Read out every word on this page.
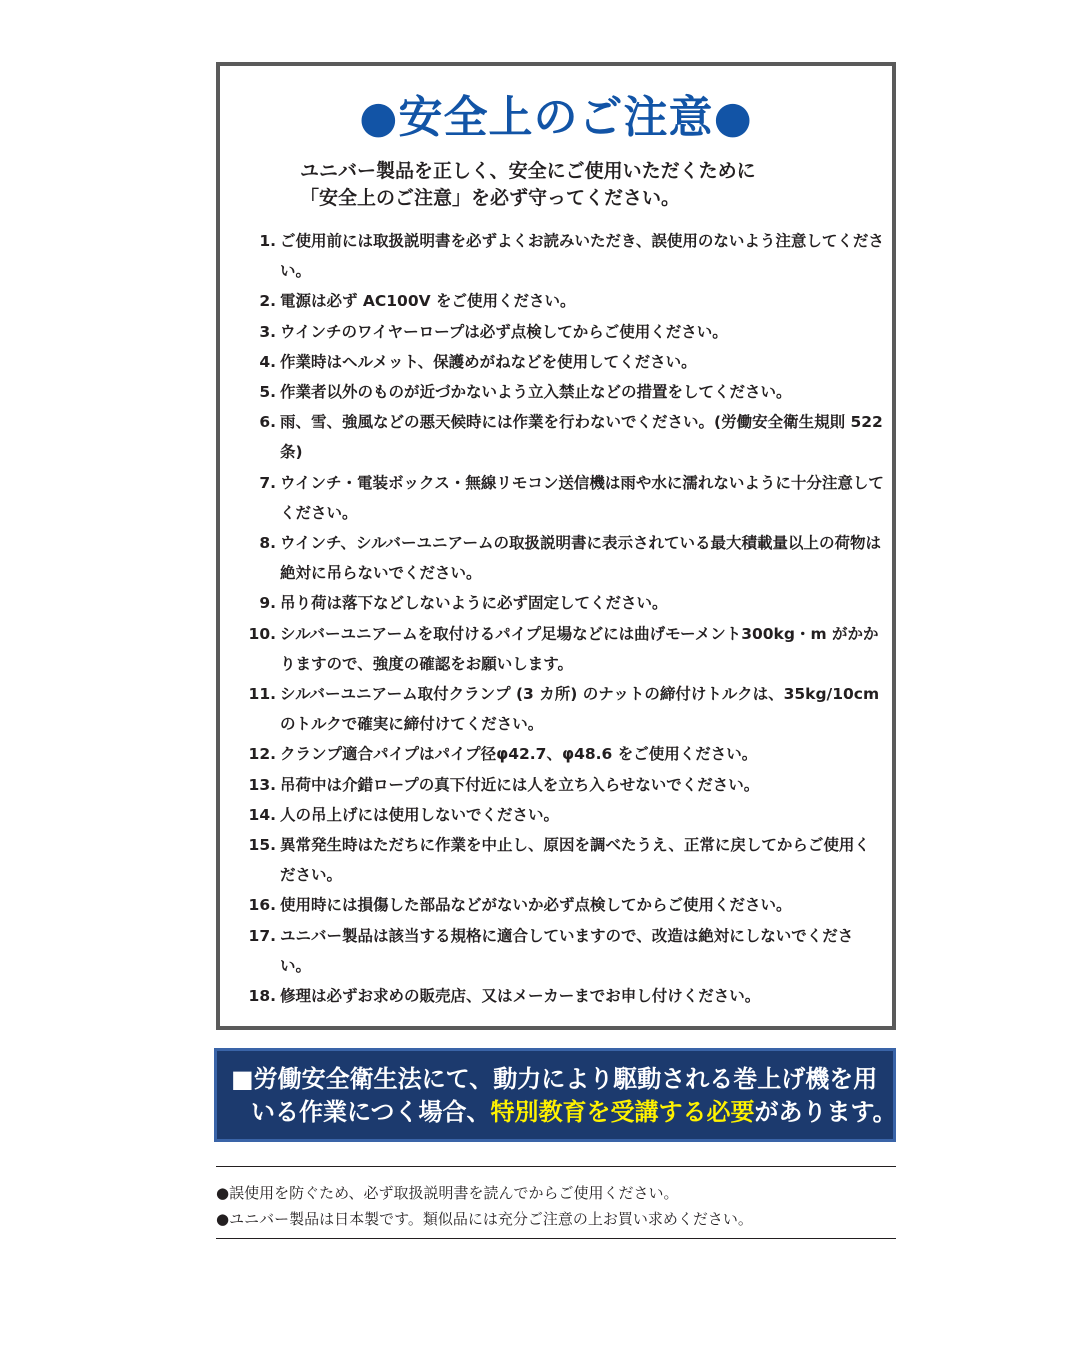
●安全上のご注意●
ユニバー製品を正しく、安全にご使用いただくために
「安全上のご注意」を必ず守ってください。
1. ご使用前には取扱説明書を必ずよくお読みいただき、誤使用のないよう注意してください。
2. 電源は必ず AC100V をご使用ください。
3. ウインチのワイヤーロープは必ず点検してからご使用ください。
4. 作業時はヘルメット、保護めがねなどを使用してください。
5. 作業者以外のものが近づかないよう立入禁止などの措置をしてください。
6. 雨、雪、強風などの悪天候時には作業を行わないでください。(労働安全衛生規則 522 条)
7. ウインチ・電装ボックス・無線リモコン送信機は雨や水に濡れないように十分注意してください。
8. ウインチ、シルバーユニアームの取扱説明書に表示されている最大積載量以上の荷物は絶対に吊らないでください。
9. 吊り荷は落下などしないように必ず固定してください。
10. シルバーユニアームを取付けるパイプ足場などには曲げモーメント300kg・m がかかりますので、強度の確認をお願いします。
11. シルバーユニアーム取付クランプ (3 カ所) のナットの締付けトルクは、35kg/10cm のトルクで確実に締付けてください。
12. クランプ適合パイプはパイプ径φ42.7、φ48.6 をご使用ください。
13. 吊荷中は介錯ロープの真下付近には人を立ち入らせないでください。
14. 人の吊上げには使用しないでください。
15. 異常発生時はただちに作業を中止し、原因を調べたうえ、正常に戻してからご使用ください。
16. 使用時には損傷した部品などがないか必ず点検してからご使用ください。
17. ユニバー製品は該当する規格に適合していますので、改造は絶対にしないでください。
18. 修理は必ずお求めの販売店、又はメーカーまでお申し付けください。
■労働安全衛生法にて、動力により駆動される巻上げ機を用
いる作業につく場合、特別教育を受講する必要があります。
●誤使用を防ぐため、必ず取扱説明書を読んでからご使用ください。
●ユニバー製品は日本製です。類似品には充分ご注意の上お買い求めください。
